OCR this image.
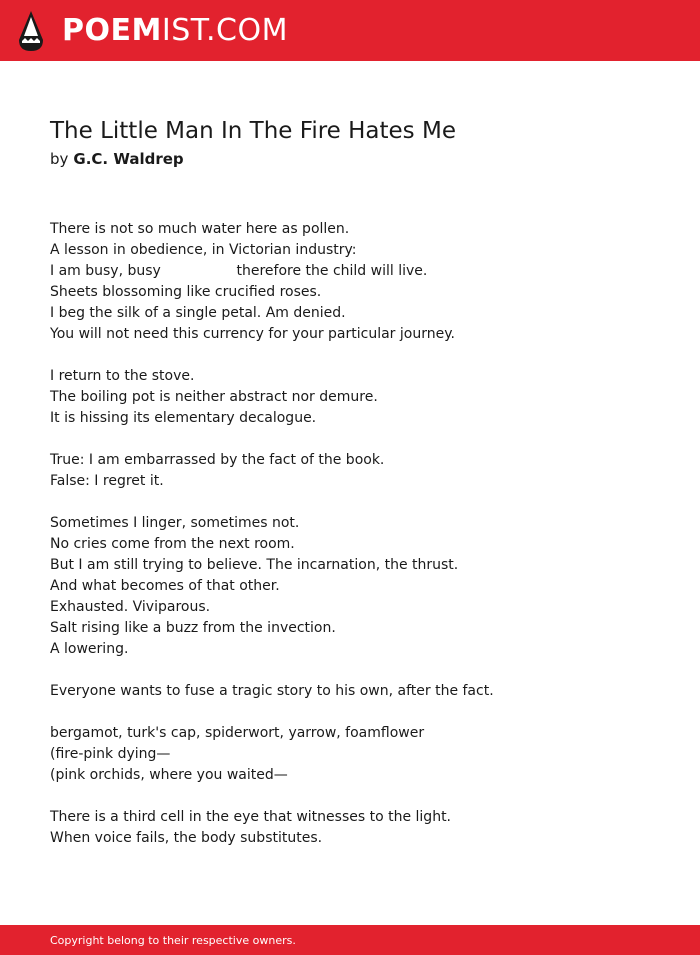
POEMIST.COM
The Little Man In The Fire Hates Me
by G.C. Waldrep
There is not so much water here as pollen.
A lesson in obedience, in Victorian industry:
I am busy, busy                 therefore the child will live.
Sheets blossoming like crucified roses.
I beg the silk of a single petal. Am denied.
You will not need this currency for your particular journey.
I return to the stove.
The boiling pot is neither abstract nor demure.
It is hissing its elementary decalogue.
True: I am embarrassed by the fact of the book.
False: I regret it.
Sometimes I linger, sometimes not.
No cries come from the next room.
But I am still trying to believe. The incarnation, the thrust.
And what becomes of that other.
Exhausted. Viviparous.
Salt rising like a buzz from the invection.
A lowering.
Everyone wants to fuse a tragic story to his own, after the fact.
bergamot, turk's cap, spiderwort, yarrow, foamflower
(fire-pink dying—
(pink orchids, where you waited—
There is a third cell in the eye that witnesses to the light.
When voice fails, the body substitutes.
Copyright belong to their respective owners.
